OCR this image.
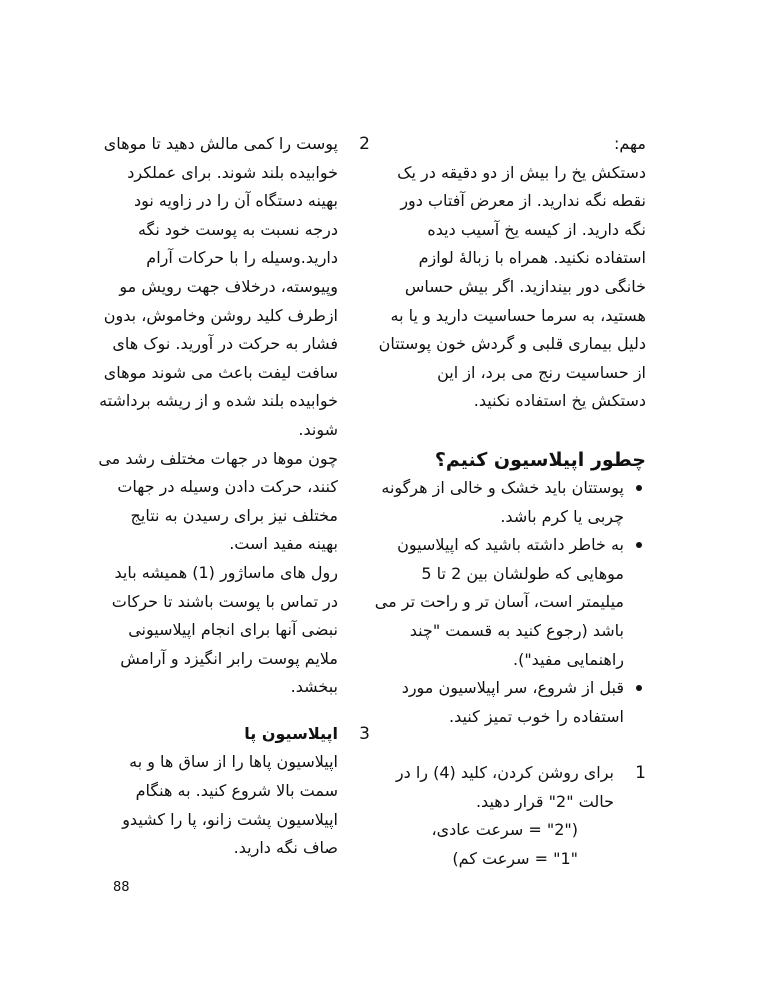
مهم:
دستکش یخ را بیش از دو دقیقه در یک
نقطه نگه ندارید. از معرض آفتاب دور
نگه دارید. از کیسه یخ آسیب دیده
استفاده نکنید. همراه با زبالهٔ لوازم
خانگی دور بیندازید. اگر بیش حساس
هستید، به سرما حساسیت دارید و یا به
دلیل بیماری قلبی و گردش خون پوستتان
از حساسیت رنج می برد، از این
دستکش یخ استفاده نکنید.
چطور اپیلاسیون کنیم؟
پوستتان باید خشک و خالی از هرگونه
چربی یا کرم باشد.
به خاطر داشته باشید که اپیلاسیون
موهایی که طولشان بین 2 تا 5
میلیمتر است، آسان تر و راحت تر می
باشد (رجوع کنید به قسمت "چند
راهنمایی مفید").
قبل از شروع، سر اپیلاسیون مورد
استفاده را خوب تمیز کنید.
1
برای روشن کردن، کلید (4) را در
حالت "2" قرار دهید.
("2" = سرعت عادی،
"1" = سرعت کم)
2
پوست را کمی مالش دهید تا موهای
خوابیده بلند شوند. برای عملکرد
بهینه دستگاه آن را در زاویه نود
درجه نسبت به پوست خود نگه
دارید.وسیله را با حرکات آرام
وپیوسته، درخلاف جهت رویش مو
ازطرف کلید روشن وخاموش، بدون
فشار به حرکت در آورید. نوک های
سافت لیفت باعث می شوند موهای
خوابیده بلند شده و از ریشه برداشته
شوند.
چون موها در جهات مختلف رشد می
کنند، حرکت دادن وسیله در جهات
مختلف نیز برای رسیدن به نتایج
بهینه مفید است.
رول های ماساژور (1) همیشه باید
در تماس با پوست باشند تا حرکات
نبضی آنها برای انجام اپیلاسیونی
ملایم پوست رابر انگیزد و آرامش
ببخشد.
3
اپیلاسیون پا
اپیلاسیون پاها را از ساق ها و به
سمت بالا شروع کنید. به هنگام
اپیلاسیون پشت زانو، پا را کشیدو
صاف نگه دارید.
88
